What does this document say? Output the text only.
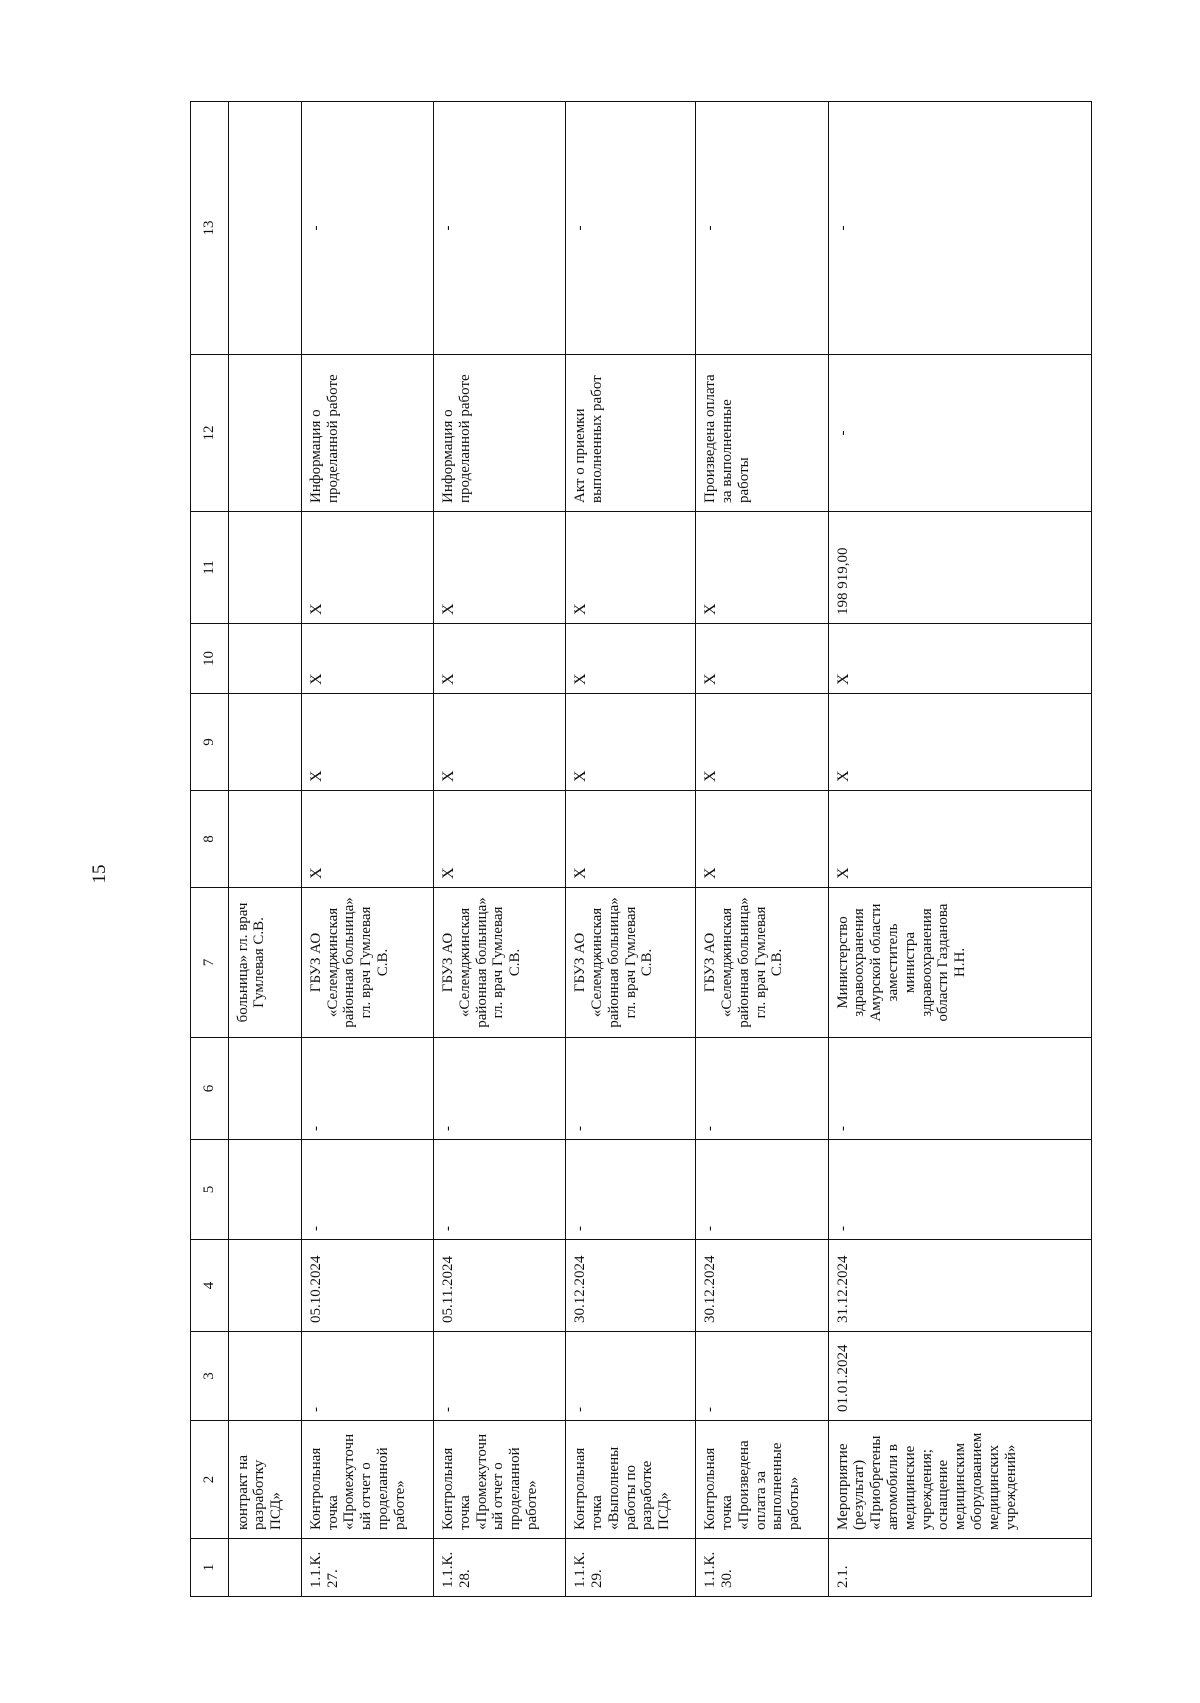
15
1	2	3	4	5	6	7	8	9	10	11	12	13
	контракт на разработку ПСД»					больница» гл. врач Гумлевая С.В.						
1.1.К. 27.	Контрольная точка «Промежуточный отчет о проделанной работе»	-	05.10.2024	-	-	ГБУЗ АО «Селемджинская районная больница» гл. врач Гумлевая С.В.	X	X	X	X	Информация о проделанной работе	-
1.1.К. 28.	Контрольная точка «Промежуточный отчет о проделанной работе»	-	05.11.2024	-	-	ГБУЗ АО «Селемджинская районная больница» гл. врач Гумлевая С.В.	X	X	X	X	Информация о проделанной работе	-
1.1.К. 29.	Контрольная точка «Выполнены работы по разработке ПСД»	-	30.12.2024	-	-	ГБУЗ АО «Селемджинская районная больница» гл. врач Гумлевая С.В.	X	X	X	X	Акт о приемки выполненных работ	-
1.1.К. 30.	Контрольная точка «Произведена оплата за выполненные работы»	-	30.12.2024	-	-	ГБУЗ АО «Селемджинская районная больница» гл. врач Гумлевая С.В.	X	X	X	X	Произведена оплата за выполненные работы	-
2.1.	Мероприятие (результат) «Приобретены автомобили в медицинские учреждения; оснащение медицинским оборудованием медицинских учреждений»	01.01.2024	31.12.2024	-	-	Министерство здравоохранения Амурской области заместитель министра здравоохранения области Газданова Н.Н.	X	X	X	198 919,00	-	-
